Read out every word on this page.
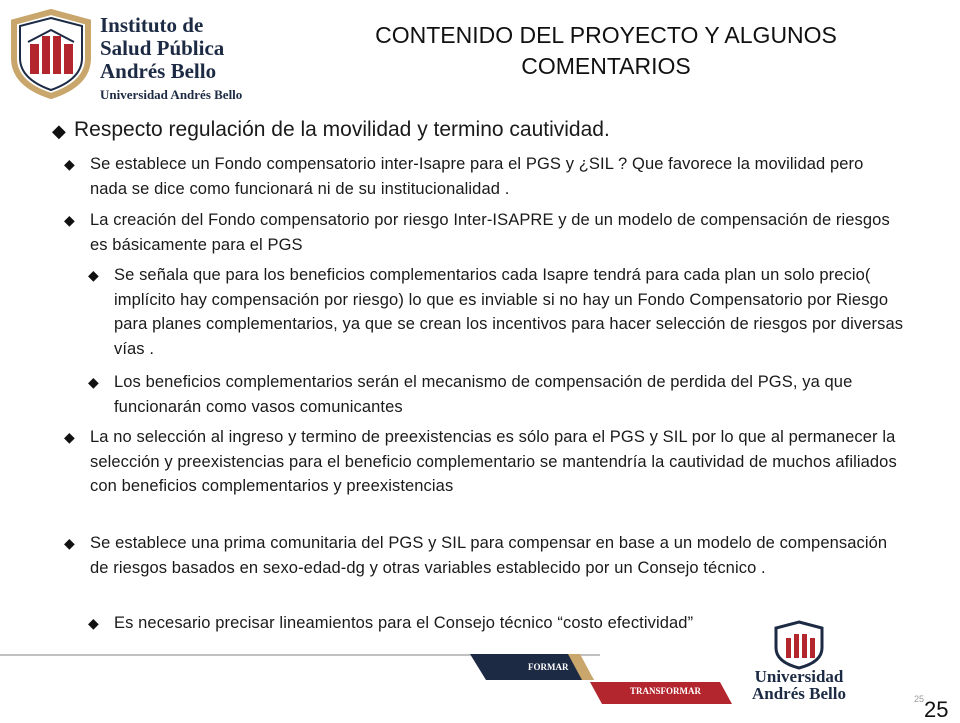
Instituto de
Salud Pública
Andrés Bello
Universidad Andrés Bello
CONTENIDO DEL PROYECTO Y ALGUNOS
COMENTARIOS
◆ Respecto regulación de la movilidad y termino cautividad.
◆ Se establece un Fondo compensatorio inter-Isapre para el PGS y ¿SIL ? Que favorece la movilidad pero nada se dice como funcionará ni de su institucionalidad .
◆ La creación del Fondo compensatorio por riesgo Inter-ISAPRE y de un modelo de compensación de riesgos es básicamente para el PGS
◆ Se señala que para los beneficios complementarios cada Isapre tendrá para cada plan un solo precio( implícito hay compensación por riesgo) lo que es inviable si no hay un Fondo Compensatorio por Riesgo para planes complementarios, ya que se crean los incentivos para hacer selección de riesgos por diversas vías .
◆ Los beneficios complementarios serán el mecanismo de compensación de perdida del PGS, ya que funcionarán como vasos comunicantes
◆ La no selección al ingreso y termino de preexistencias es sólo para el PGS y SIL por lo que al permanecer la selección y preexistencias para el beneficio complementario se mantendría la cautividad de muchos afiliados con beneficios complementarios y preexistencias
◆ Se establece una prima comunitaria del PGS y SIL para compensar en base a un modelo de compensación de riesgos basados en sexo-edad-dg y otras variables establecido por un Consejo técnico .
◆ Es necesario precisar lineamientos para el Consejo técnico “costo efectividad”
FORMAR
TRANSFORMAR
Universidad
Andrés Bello	25 25
